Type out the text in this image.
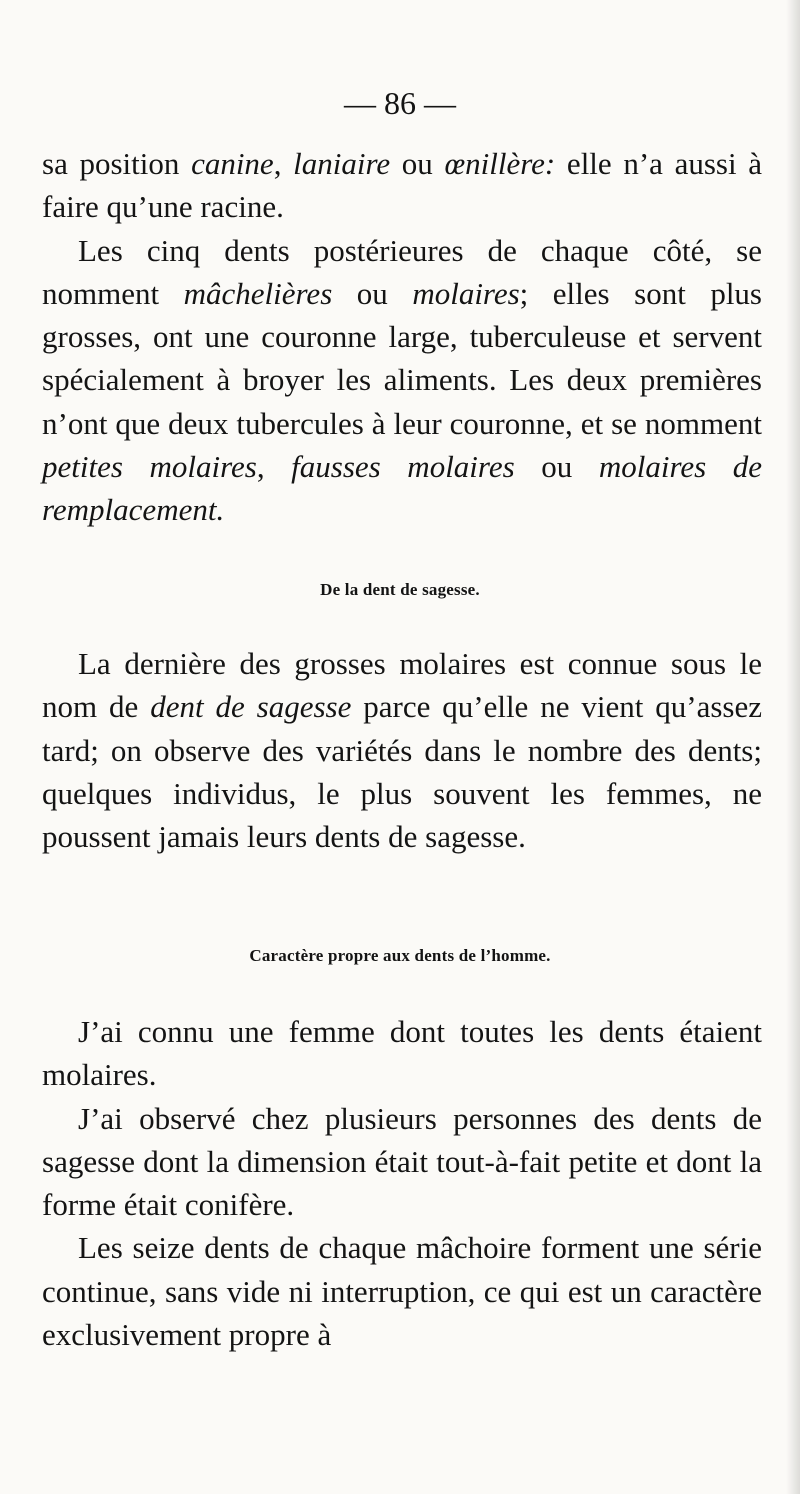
— 86 —

sa position canine, laniaire ou œnillère: elle n’a aussi à faire qu’une racine.

Les cinq dents postérieures de chaque côté, se nomment mâchelières ou molaires; elles sont plus grosses, ont une couronne large, tuberculeuse et servent spécialement à broyer les aliments. Les deux premières n’ont que deux tubercules à leur couronne, et se nomment petites molaires, fausses molaires ou molaires de remplacement.

De la dent de sagesse.

La dernière des grosses molaires est connue sous le nom de dent de sagesse parce qu’elle ne vient qu’assez tard; on observe des variétés dans le nombre des dents; quelques individus, le plus souvent les femmes, ne poussent jamais leurs dents de sagesse.

Caractère propre aux dents de l’homme.

J’ai connu une femme dont toutes les dents étaient molaires.

J’ai observé chez plusieurs personnes des dents de sagesse dont la dimension était tout-à-fait petite et dont la forme était conifère.

Les seize dents de chaque mâchoire forment une série continue, sans vide ni interruption, ce qui est un caractère exclusivement propre à
